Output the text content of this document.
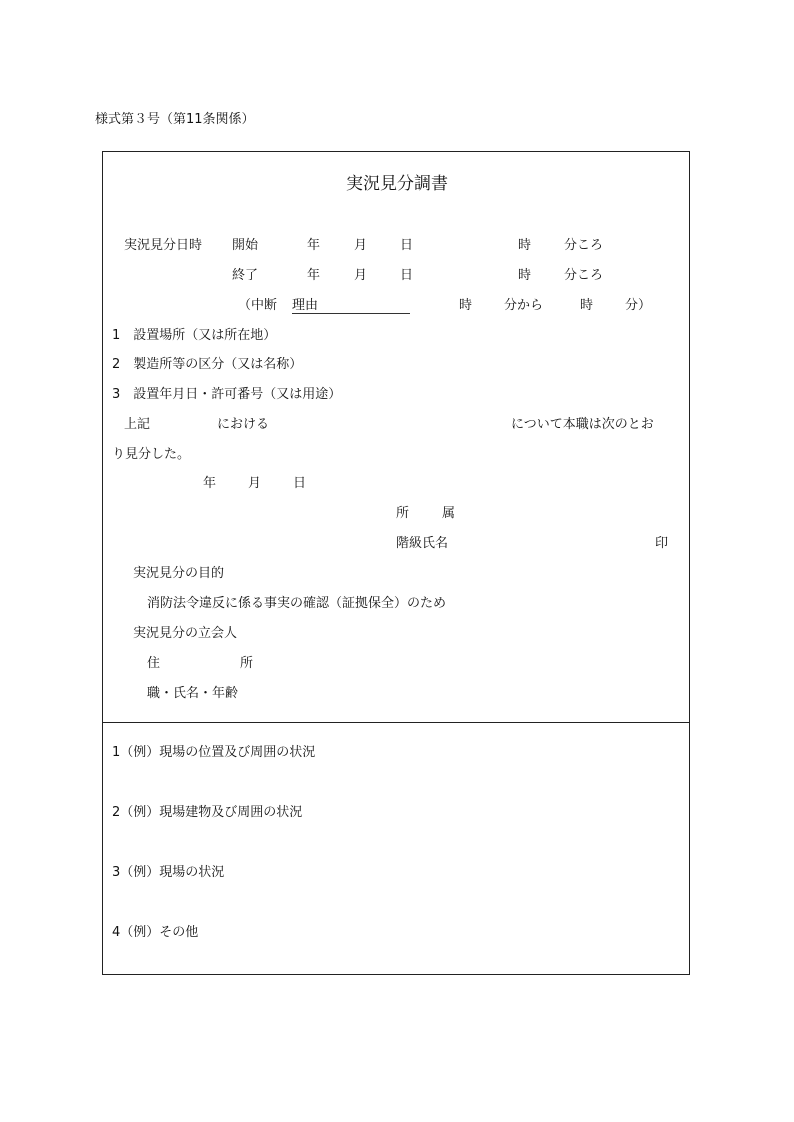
様式第３号（第11条関係）
実況見分調書
実況見分日時 開始	年	月	日	時	分ころ
終了	年	月	日	時	分ころ
（中断 理由	時 分から	時 分）
1　設置場所（又は所在地）
2　製造所等の区分（又は名称）
3　設置年月日・許可番号（又は用途）
上記	における	について本職は次のとお
り見分した。
年 月 日
所	属
階級氏名	印
実況見分の目的
消防法令違反に係る事実の確認（証拠保全）のため
実況見分の立会人
住	所
職・氏名・年齢
1（例）現場の位置及び周囲の状況
2（例）現場建物及び周囲の状況
3（例）現場の状況
4（例）その他
